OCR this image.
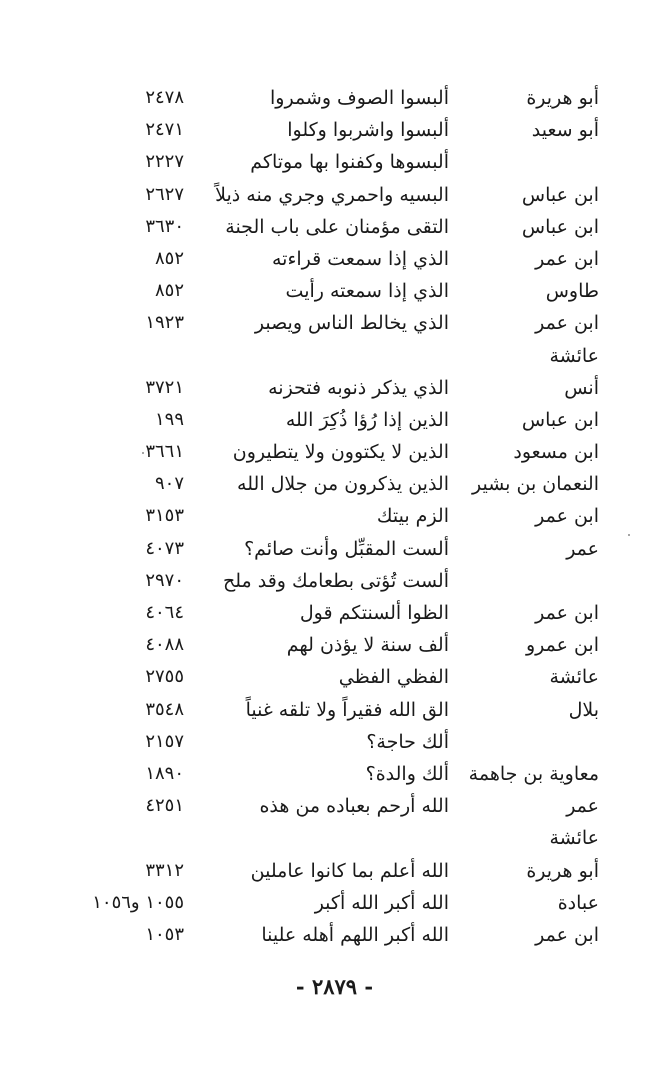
أبو هريرة
ألبسوا الصوف وشمروا
٢٤٧٨
أبو سعيد
ألبسوا واشربوا وكلوا
٢٤٧١
ألبسوها وكفنوا بها موتاكم
٢٢٢٧
ابن عباس
البسيه واحمري وجري منه ذيلاً
٢٦٢٧
ابن عباس
التقى مؤمنان على باب الجنة
٣٦٣٠
ابن عمر
الذي إذا سمعت قراءته
٨٥٢
طاوس
الذي إذا سمعته رأيت
٨٥٢
ابن عمر
الذي يخالط الناس ويصبر
١٩٢٣
عائشة
أنس
الذي يذكر ذنوبه فتحزنه
٣٧٢١
ابن عباس
الذين إذا رُؤا ذُكِرَ الله
١٩٩
ابن مسعود
الذين لا يكتوون ولا يتطيرون
٣٦٦١
النعمان بن بشير
الذين يذكرون من جلال الله
٩٠٧
ابن عمر
الزم بيتك
٣١٥٣
عمر
ألست المقبِّل وأنت صائم؟
٤٠٧٣
ألست تُؤتى بطعامك وقد ملح
٢٩٧٠
ابن عمر
الظوا ألسنتكم قول
٤٠٦٤
ابن عمرو
ألف سنة لا يؤذن لهم
٤٠٨٨
عائشة
الفظي الفظي
٢٧٥٥
بلال
الق الله فقيراً ولا تلقه غنياً
٣٥٤٨
ألك حاجة؟
٢١٥٧
معاوية بن جاهمة
ألك والدة؟
١٨٩٠
عمر
الله أرحم بعباده من هذه
٤٢٥١
عائشة
أبو هريرة
الله أعلم بما كانوا عاملين
٣٣١٢
عبادة
الله أكبر الله أكبر
١٠٥٥ و١٠٥٦
ابن عمر
الله أكبر اللهم أهله علينا
١٠٥٣
- ٢٨٧٩ -
